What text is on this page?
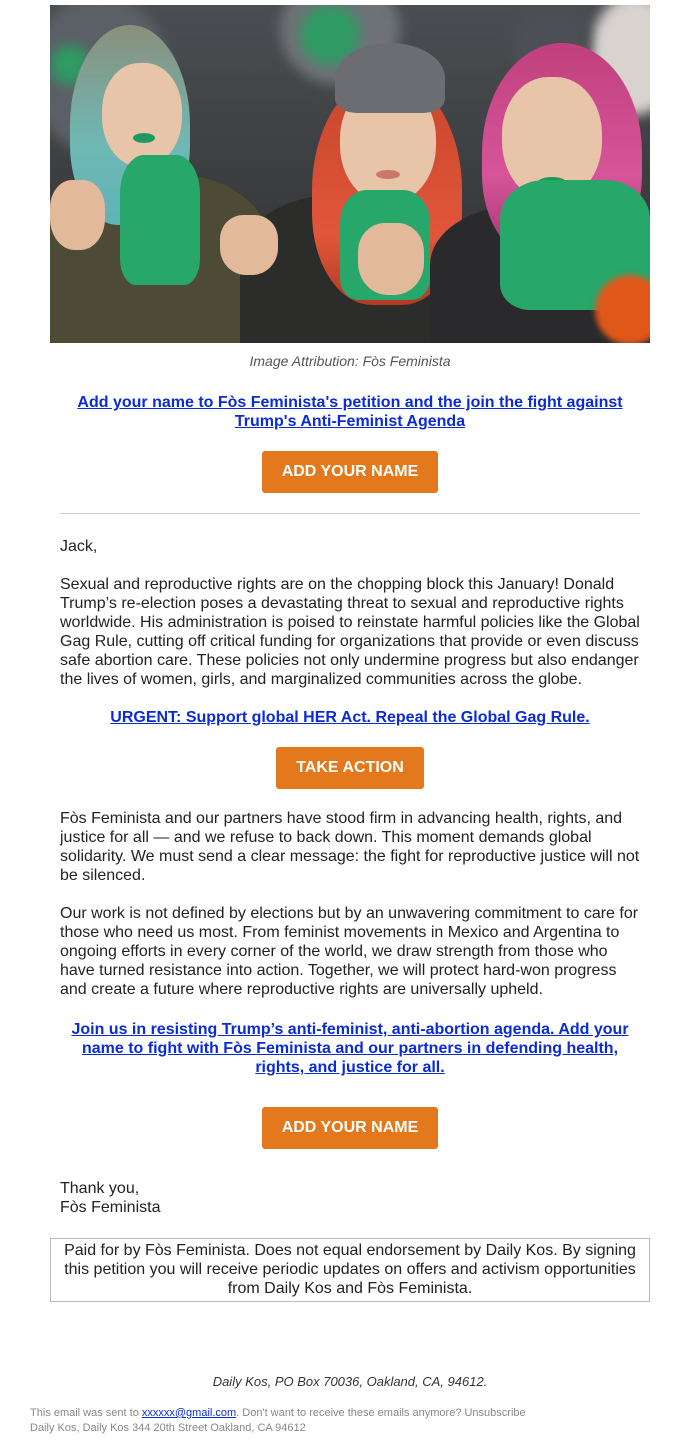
Image Attribution: Fòs Feminista
Add your name to Fòs Feminista's petition and the join the fight against Trump's Anti-Feminist Agenda
ADD YOUR NAME

Jack,

Sexual and reproductive rights are on the chopping block this January! Donald Trump’s re-election poses a devastating threat to sexual and reproductive rights worldwide. His administration is poised to reinstate harmful policies like the Global Gag Rule, cutting off critical funding for organizations that provide or even discuss safe abortion care. These policies not only undermine progress but also endanger the lives of women, girls, and marginalized communities across the globe.

URGENT: Support global HER Act. Repeal the Global Gag Rule.
TAKE ACTION

Fòs Feminista and our partners have stood firm in advancing health, rights, and justice for all — and we refuse to back down. This moment demands global solidarity. We must send a clear message: the fight for reproductive justice will not be silenced.

Our work is not defined by elections but by an unwavering commitment to care for those who need us most. From feminist movements in Mexico and Argentina to ongoing efforts in every corner of the world, we draw strength from those who have turned resistance into action. Together, we will protect hard-won progress and create a future where reproductive rights are universally upheld.

Join us in resisting Trump’s anti-feminist, anti-abortion agenda. Add your name to fight with Fòs Feminista and our partners in defending health, rights, and justice for all.
ADD YOUR NAME

Thank you,

Fòs Feminista

Paid for by Fòs Feminista. Does not equal endorsement by Daily Kos. By signing this petition you will receive periodic updates on offers and activism opportunities from Daily Kos and Fòs Feminista.
Daily Kos, PO Box 70036, Oakland, CA, 94612.
This email was sent to xxxxxx@gmail.com. Don't want to receive these emails anymore? Unsubscribe
Daily Kos, Daily Kos 344 20th Street Oakland, CA 94612
